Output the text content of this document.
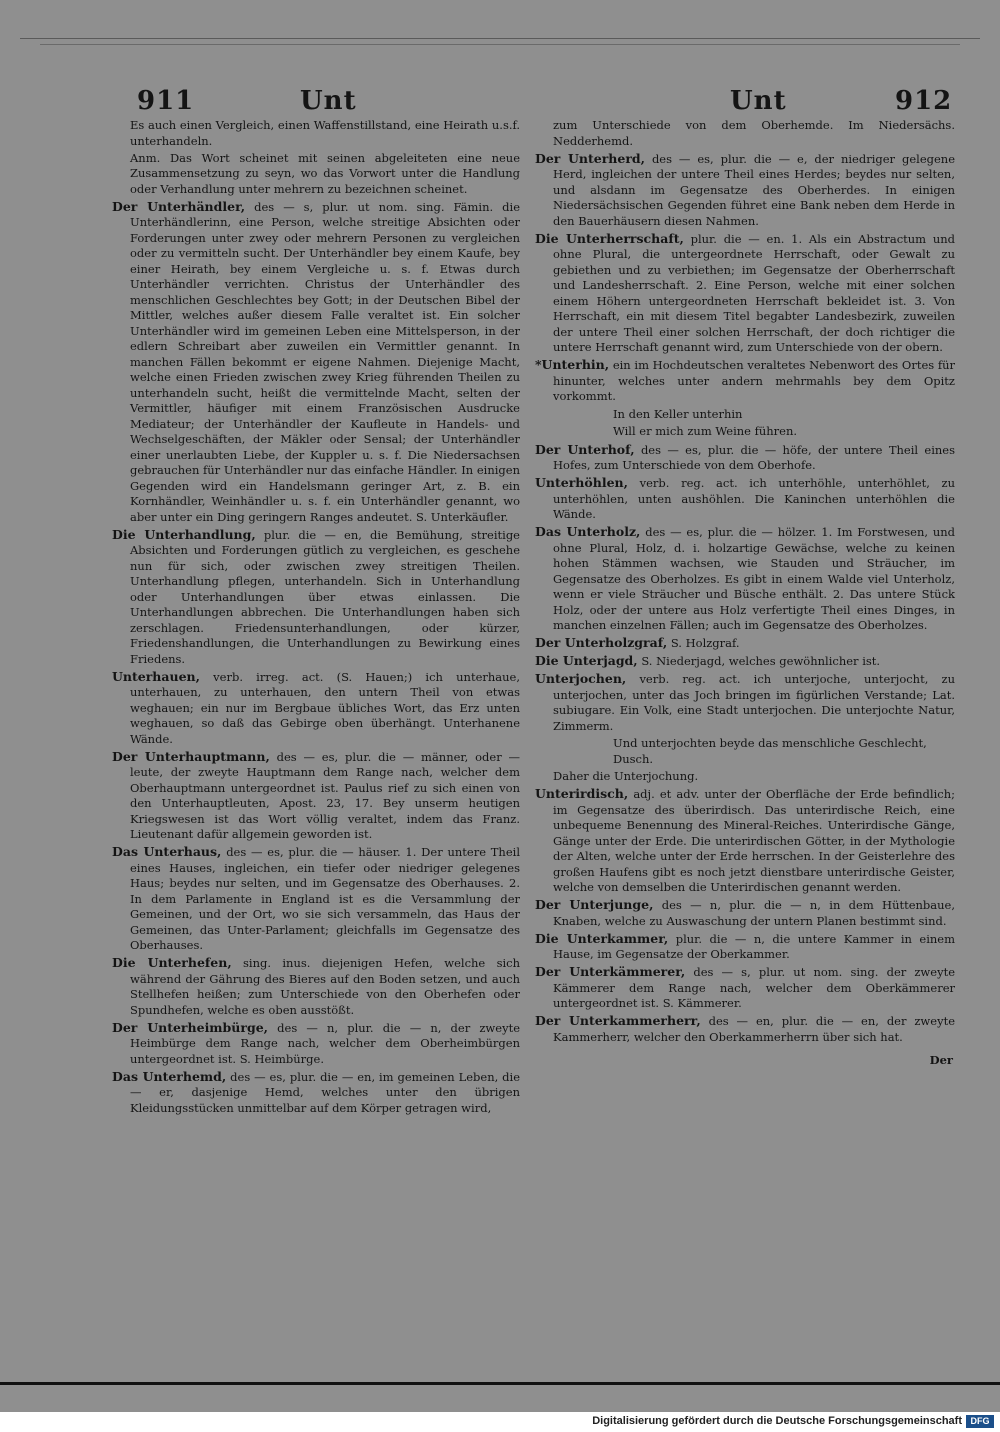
911	Unt	Unt	912
Es auch einen Vergleich, einen Waffenstillstand, eine Heirath u.s.f. unterhandeln.
Anm. Das Wort scheinet mit seinen abgeleiteten eine neue Zusammensetzung zu seyn, wo das Vorwort unter die Handlung oder Verhandlung unter mehrern zu bezeichnen scheinet.
Der Unterhändler, des — s, plur. ut nom. sing. Fämin. die Unterhändlerinn, eine Person, welche streitige Absichten oder Forderungen unter zwey oder mehrern Personen zu vergleichen oder zu vermitteln sucht. Der Unterhändler bey einem Kaufe, bey einer Heirath, bey einem Vergleiche u. s. f. Etwas durch Unterhändler verrichten. Christus der Unterhändler des menschlichen Geschlechtes bey Gott; in der Deutschen Bibel der Mittler, welches außer diesem Falle veraltet ist. Ein solcher Unterhändler wird im gemeinen Leben eine Mittelsperson, in der edlern Schreibart aber zuweilen ein Vermittler genannt. In manchen Fällen bekommt er eigene Nahmen. Diejenige Macht, welche einen Frieden zwischen zwey Krieg führenden Theilen zu unterhandeln sucht, heißt die vermittelnde Macht, selten der Vermittler, häufiger mit einem Französischen Ausdrucke Mediateur; der Unterhändler der Kaufleute in Handels- und Wechselgeschäften, der Mäkler oder Sensal; der Unterhändler einer unerlaubten Liebe, der Kuppler u. s. f. Die Niedersachsen gebrauchen für Unterhändler nur das einfache Händler. In einigen Gegenden wird ein Handelsmann geringer Art, z. B. ein Kornhändler, Weinhändler u. s. f. ein Unterhändler genannt, wo aber unter ein Ding geringern Ranges andeutet. S. Unterkäufler.
Die Unterhandlung, plur. die — en, die Bemühung, streitige Absichten und Forderungen gütlich zu vergleichen, es geschehe nun für sich, oder zwischen zwey streitigen Theilen. Unterhandlung pflegen, unterhandeln. Sich in Unterhandlung oder Unterhandlungen über etwas einlassen. Die Unterhandlungen abbrechen. Die Unterhandlungen haben sich zerschlagen. Friedensunterhandlungen, oder kürzer, Friedenshandlungen, die Unterhandlungen zu Bewirkung eines Friedens.
Unterhauen, verb. irreg. act. (S. Hauen;) ich unterhaue, unterhauen, zu unterhauen, den untern Theil von etwas weghauen; ein nur im Bergbaue übliches Wort, das Erz unten weghauen, so daß das Gebirge oben überhängt. Unterhanene Wände.
Der Unterhauptmann, des — es, plur. die — männer, oder — leute, der zweyte Hauptmann dem Range nach, welcher dem Oberhauptmann untergeordnet ist. Paulus rief zu sich einen von den Unterhauptleuten, Apost. 23, 17. Bey unserm heutigen Kriegswesen ist das Wort völlig veraltet, indem das Franz. Lieutenant dafür allgemein geworden ist.
Das Unterhaus, des — es, plur. die — häuser. 1. Der untere Theil eines Hauses, ingleichen, ein tiefer oder niedriger gelegenes Haus; beydes nur selten, und im Gegensatze des Oberhauses. 2. In dem Parlamente in England ist es die Versammlung der Gemeinen, und der Ort, wo sie sich versammeln, das Haus der Gemeinen, das Unter-Parlament; gleichfalls im Gegensatze des Oberhauses.
Die Unterhefen, sing. inus. diejenigen Hefen, welche sich während der Gährung des Bieres auf den Boden setzen, und auch Stellhefen heißen; zum Unterschiede von den Oberhefen oder Spundhefen, welche es oben ausstößt.
Der Unterheimbürge, des — n, plur. die — n, der zweyte Heimbürge dem Range nach, welcher dem Oberheimbürgen untergeordnet ist. S. Heimbürge.
Das Unterhemd, des — es, plur. die — en, im gemeinen Leben, die — er, dasjenige Hemd, welches unter den übrigen Kleidungsstücken unmittelbar auf dem Körper getragen wird,
zum Unterschiede von dem Oberhemde. Im Niedersächs. Nedderhemd.
Der Unterherd, des — es, plur. die — e, der niedriger gelegene Herd, ingleichen der untere Theil eines Herdes; beydes nur selten, und alsdann im Gegensatze des Oberherdes. In einigen Niedersächsischen Gegenden führet eine Bank neben dem Herde in den Bauerhäusern diesen Nahmen.
Die Unterherrschaft, plur. die — en. 1. Als ein Abstractum und ohne Plural, die untergeordnete Herrschaft, oder Gewalt zu gebiethen und zu verbiethen; im Gegensatze der Oberherrschaft und Landesherrschaft. 2. Eine Person, welche mit einer solchen einem Höhern untergeordneten Herrschaft bekleidet ist. 3. Von Herrschaft, ein mit diesem Titel begabter Landesbezirk, zuweilen der untere Theil einer solchen Herrschaft, der doch richtiger die untere Herrschaft genannt wird, zum Unterschiede von der obern.
*Unterhin, ein im Hochdeutschen veraltetes Nebenwort des Ortes für hinunter, welches unter andern mehrmahls bey dem Opitz vorkommt.
In den Keller unterhin
Will er mich zum Weine führen.
Der Unterhof, des — es, plur. die — höfe, der untere Theil eines Hofes, zum Unterschiede von dem Oberhofe.
Unterhöhlen, verb. reg. act. ich unterhöhle, unterhöhlet, zu unterhöhlen, unten aushöhlen. Die Kaninchen unterhöhlen die Wände.
Das Unterholz, des — es, plur. die — hölzer. 1. Im Forstwesen, und ohne Plural, Holz, d. i. holzartige Gewächse, welche zu keinen hohen Stämmen wachsen, wie Stauden und Sträucher, im Gegensatze des Oberholzes. Es gibt in einem Walde viel Unterholz, wenn er viele Sträucher und Büsche enthält. 2. Das untere Stück Holz, oder der untere aus Holz verfertigte Theil eines Dinges, in manchen einzelnen Fällen; auch im Gegensatze des Oberholzes.
Der Unterholzgraf, S. Holzgraf.
Die Unterjagd, S. Niederjagd, welches gewöhnlicher ist.
Unterjochen, verb. reg. act. ich unterjoche, unterjocht, zu unterjochen, unter das Joch bringen im figürlichen Verstande; Lat. subiugare. Ein Volk, eine Stadt unterjochen. Die unterjochte Natur, Zimmerm.
Und unterjochten beyde das menschliche Geschlecht, Dusch.
Daher die Unterjochung.
Unterirdisch, adj. et adv. unter der Oberfläche der Erde befindlich; im Gegensatze des überirdisch. Das unterirdische Reich, eine unbequeme Benennung des Mineral-Reiches. Unterirdische Gänge, Gänge unter der Erde. Die unterirdischen Götter, in der Mythologie der Alten, welche unter der Erde herrschen. In der Geisterlehre des großen Haufens gibt es noch jetzt dienstbare unterirdische Geister, welche von demselben die Unterirdischen genannt werden.
Der Unterjunge, des — n, plur. die — n, in dem Hüttenbaue, Knaben, welche zu Auswaschung der untern Planen bestimmt sind.
Die Unterkammer, plur. die — n, die untere Kammer in einem Hause, im Gegensatze der Oberkammer.
Der Unterkämmerer, des — s, plur. ut nom. sing. der zweyte Kämmerer dem Range nach, welcher dem Oberkämmerer untergeordnet ist. S. Kämmerer.
Der Unterkammerherr, des — en, plur. die — en, der zweyte Kammerherr, welcher den Oberkammerherrn über sich hat.
Der
Digitalisierung gefördert durch die Deutsche Forschungsgemeinschaft DFG
